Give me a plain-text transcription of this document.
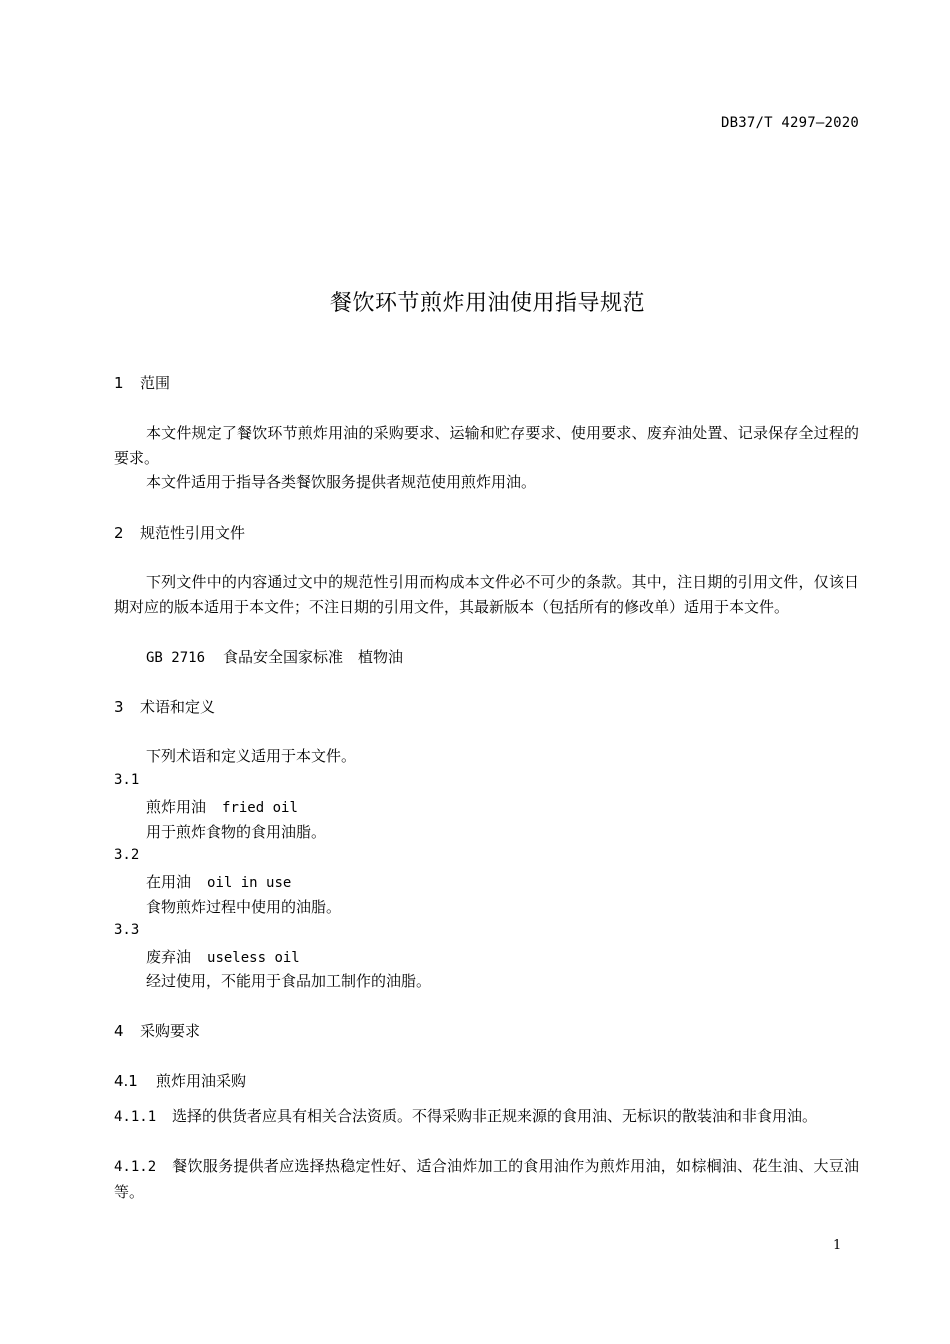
DB37/T 4297—2020
餐饮环节煎炸用油使用指导规范
1 范围
本文件规定了餐饮环节煎炸用油的采购要求、运输和贮存要求、使用要求、废弃油处置、记录保存全过程的要求。
本文件适用于指导各类餐饮服务提供者规范使用煎炸用油。
2 规范性引用文件
下列文件中的内容通过文中的规范性引用而构成本文件必不可少的条款。其中，注日期的引用文件，仅该日期对应的版本适用于本文件；不注日期的引用文件，其最新版本（包括所有的修改单）适用于本文件。
GB 2716 食品安全国家标准　植物油
3 术语和定义
下列术语和定义适用于本文件。
3.1
煎炸用油 fried oil
用于煎炸食物的食用油脂。
3.2
在用油 oil in use
食物煎炸过程中使用的油脂。
3.3
废弃油 useless oil
经过使用，不能用于食品加工制作的油脂。
4 采购要求
4.1 煎炸用油采购
4.1.1 选择的供货者应具有相关合法资质。不得采购非正规来源的食用油、无标识的散装油和非食用油。
4.1.2 餐饮服务提供者应选择热稳定性好、适合油炸加工的食用油作为煎炸用油，如棕榈油、花生油、大豆油等。
1
